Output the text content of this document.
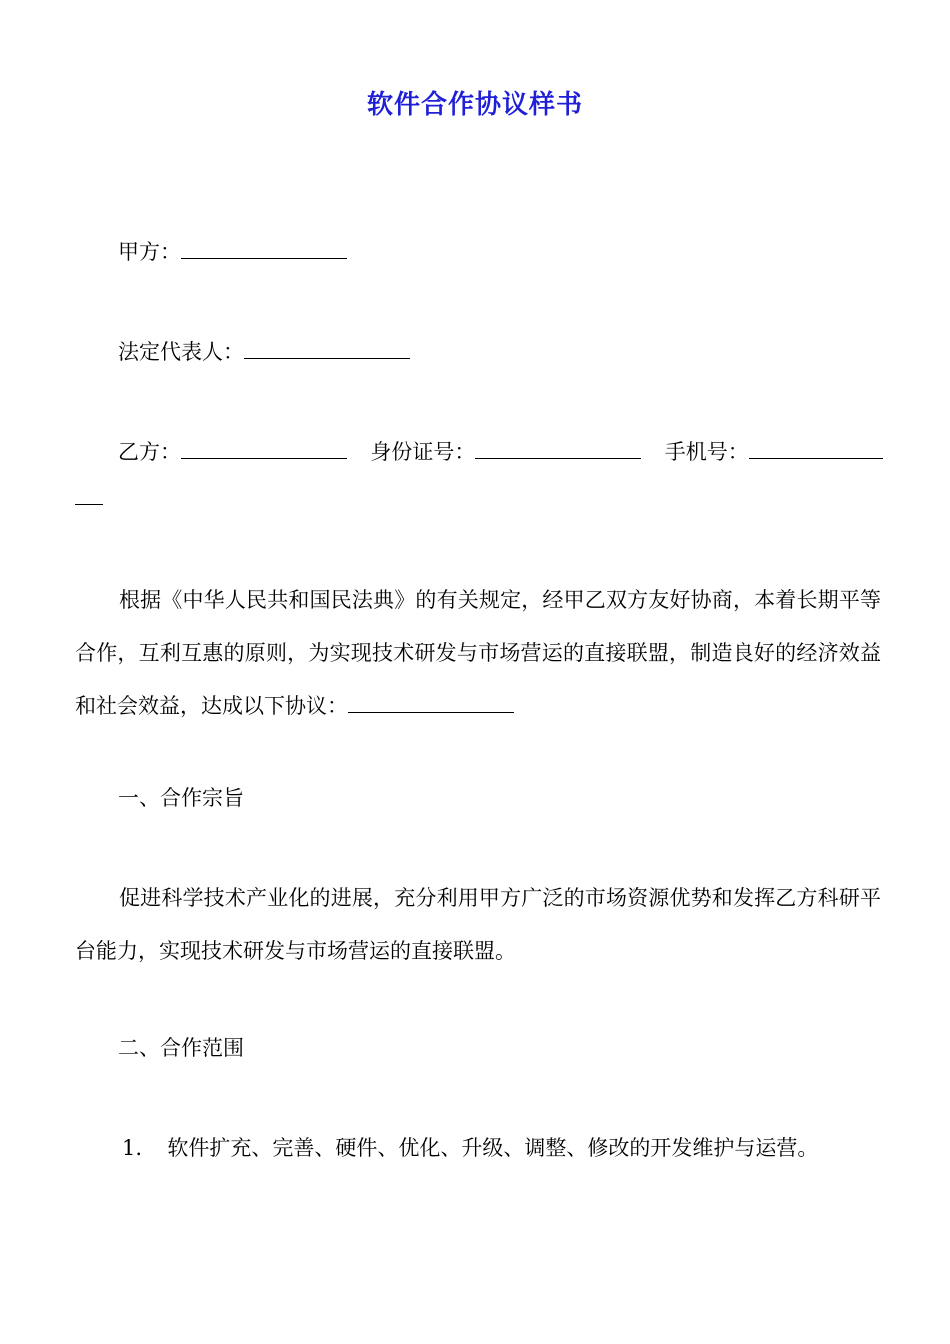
软件合作协议样书
甲方：
法定代表人：
乙方：	身份证号：	手机号：
根据《中华人民共和国民法典》的有关规定，经甲乙双方友好协商，本着长期平等合作，互利互惠的原则，为实现技术研发与市场营运的直接联盟，制造良好的经济效益和社会效益，达成以下协议：
一、合作宗旨
促进科学技术产业化的进展，充分利用甲方广泛的市场资源优势和发挥乙方科研平台能力，实现技术研发与市场营运的直接联盟。
二、合作范围
1. 软件扩充、完善、硬件、优化、升级、调整、修改的开发维护与运营。
